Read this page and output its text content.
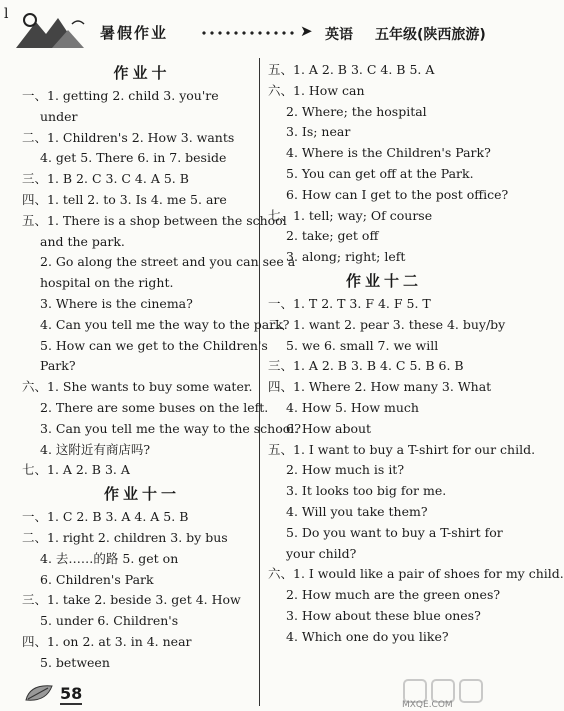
l
暑假作业	➤ 英语 五年级(陕西旅游)
作业十
一、1. getting 2. child 3. you're
under
二、1. Children's 2. How 3. wants
4. get 5. There 6. in 7. beside
三、1. B 2. C 3. C 4. A 5. B
四、1. tell 2. to 3. Is 4. me 5. are
五、1. There is a shop between the school
and the park.
2. Go along the street and you can see a
hospital on the right.
3. Where is the cinema?
4. Can you tell me the way to the park?
5. How can we get to the Children's
Park?
六、1. She wants to buy some water.
2. There are some buses on the left.
3. Can you tell me the way to the school?
4. 这附近有商店吗?
七、1. A 2. B 3. A
作业十一
一、1. C 2. B 3. A 4. A 5. B
二、1. right 2. children 3. by bus
4. 去……的路 5. get on
6. Children's Park
三、1. take 2. beside 3. get 4. How
5. under 6. Children's
四、1. on 2. at 3. in 4. near
5. between
五、1. A 2. B 3. C 4. B 5. A
六、1. How can
2. Where; the hospital
3. Is; near
4. Where is the Children's Park?
5. You can get off at the Park.
6. How can I get to the post office?
七、1. tell; way; Of course
2. take; get off
3. along; right; left
作业十二
一、1. T 2. T 3. F 4. F 5. T
二、1. want 2. pear 3. these 4. buy/by
5. we 6. small 7. we will
三、1. A 2. B 3. B 4. C 5. B 6. B
四、1. Where 2. How many 3. What
4. How 5. How much
6. How about
五、1. I want to buy a T-shirt for our child.
2. How much is it?
3. It looks too big for me.
4. Will you take them?
5. Do you want to buy a T-shirt for
your child?
六、1. I would like a pair of shoes for my child.
2. How much are the green ones?
3. How about these blue ones?
4. Which one do you like?
58
MXQE.COM
